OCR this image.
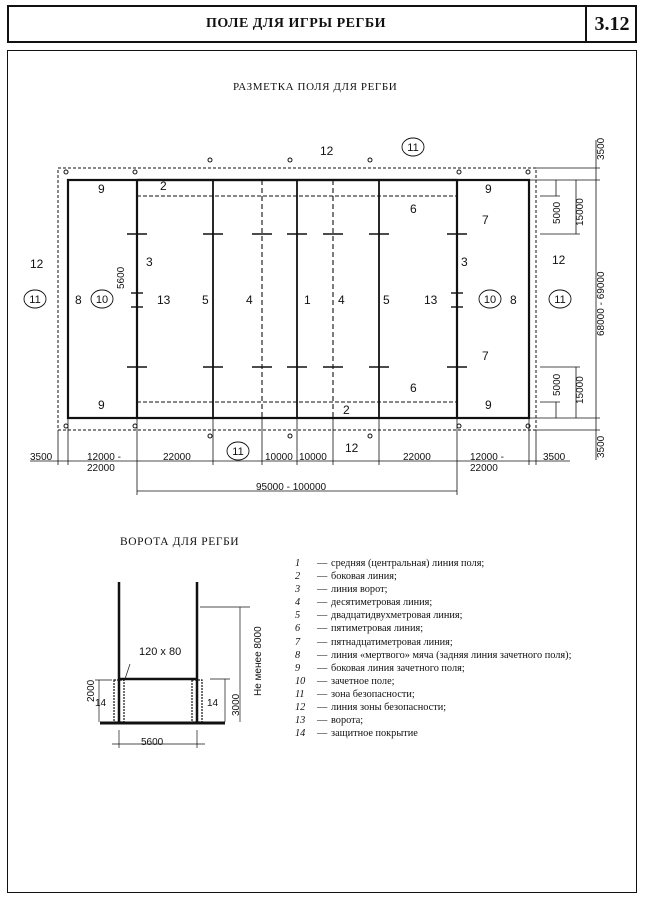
ПОЛЕ ДЛЯ ИГРЫ РЕГБИ	3.12
РАЗМЕТКА ПОЛЯ ДЛЯ РЕГБИ
ВОРОТА ДЛЯ РЕГБИ
12
2
9	9
6
7
3	3
12	12
8	8
13	13
5	5
4	4
1
7
6
9	9
2
12
11
11	10	10	11
11
3500
15000
5000
68000 - 69000
15000
5000
3500
5600
3500	12000 -22000
22000	10000 10000	22000	12000 -22000
3500
95000 - 100000
120 x 80	Не менее 8000
2000
3000
14	14
5600
1	— средняя (центральная) линия поля;
2	— боковая линия;
3	— линия ворот;
4	— десятиметровая линия;
5	— двадцатидвухметровая линия;
6	— пятиметровая линия;
7	— пятнадцатиметровая линия;
8	— линия «мертвого» мяча (задняя линия зачетного поля);
9	— боковая линия зачетного поля;
10	— зачетное поле;
11	— зона безопасности;
12	— линия зоны безопасности;
13	— ворота;
14	— защитное покрытие
